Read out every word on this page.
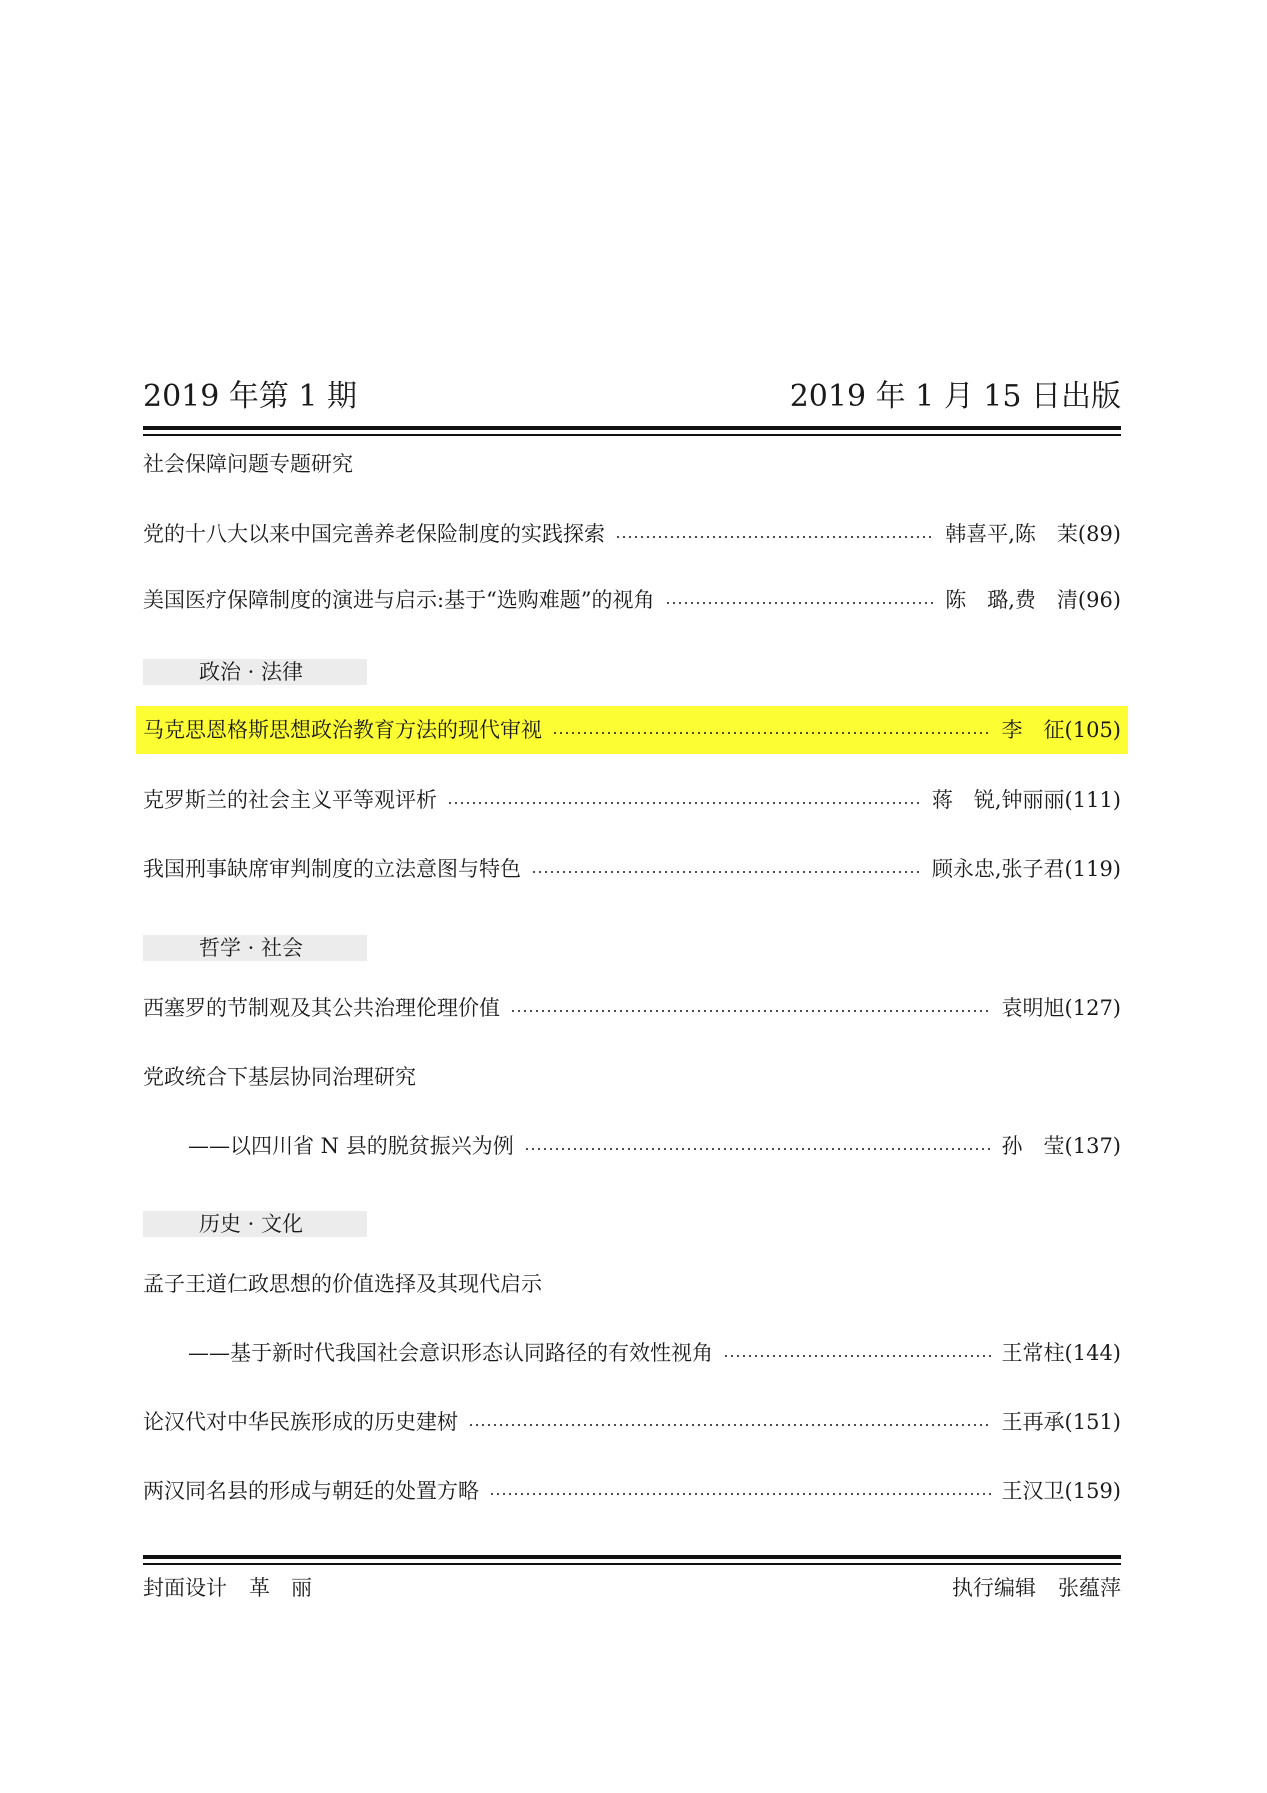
2019 年第 1 期	2019 年 1 月 15 日出版
社会保障问题专题研究
党的十八大以来中国完善养老保险制度的实践探索	韩喜平,陈　茉 (89)
美国医疗保障制度的演进与启示:基于“选购难题”的视角	陈　璐,费　清 (96)
政治 · 法律
马克思恩格斯思想政治教育方法的现代审视	李　征 (105)
克罗斯兰的社会主义平等观评析	蒋　锐,钟丽丽 (111)
我国刑事缺席审判制度的立法意图与特色	顾永忠,张子君 (119)
哲学 · 社会
西塞罗的节制观及其公共治理伦理价值	袁明旭 (127)
党政统合下基层协同治理研究
——以四川省 N 县的脱贫振兴为例	孙　莹 (137)
历史 · 文化
孟子王道仁政思想的价值选择及其现代启示
——基于新时代我国社会意识形态认同路径的有效性视角	王常柱 (144)
论汉代对中华民族形成的历史建树	王再承 (151)
两汉同名县的形成与朝廷的处置方略	王汉卫 (159)
封面设计 革　丽	执行编辑 张蕴萍
